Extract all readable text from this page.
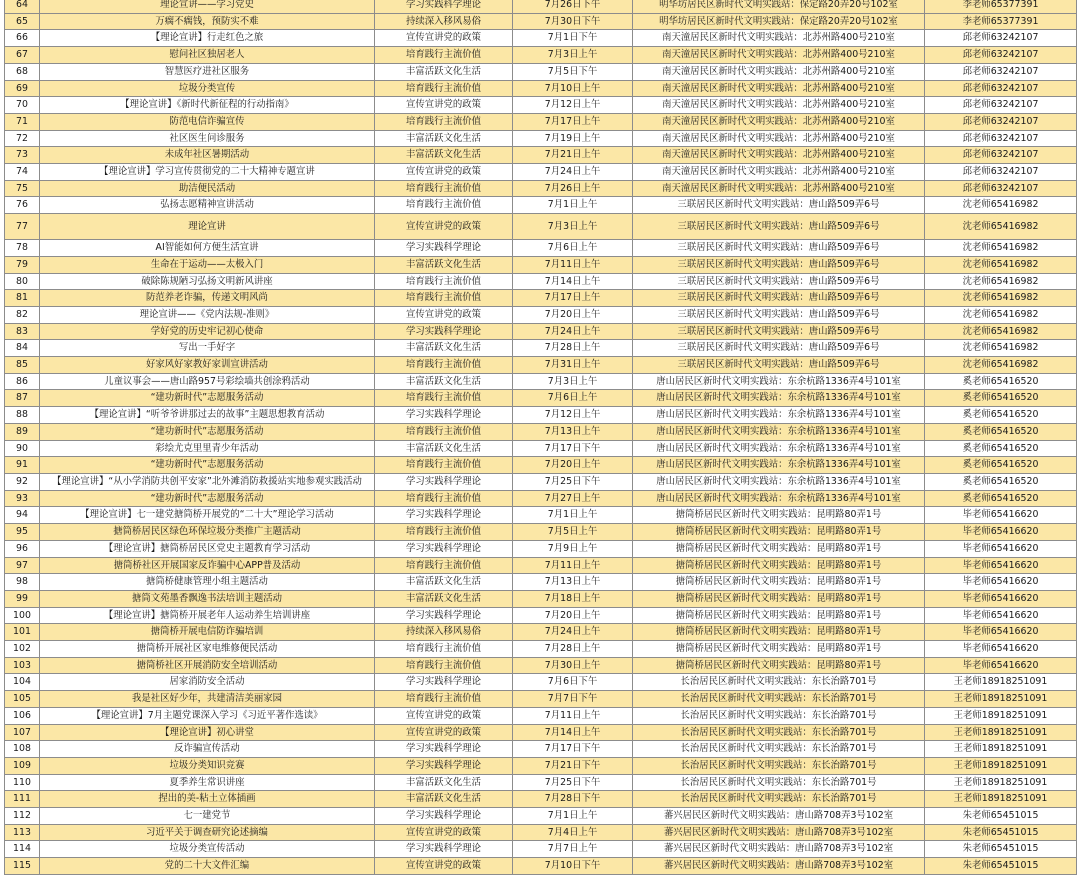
64	理论宣讲——学习党史	学习实践科学理论	7月26日下午	明华坊居民区新时代文明实践站：保定路20弄20号102室	李老师65377391
65	万瘸不瘸钱，预防实不难	持续深入移风易俗	7月30日下午	明华坊居民区新时代文明实践站：保定路20弄20号102室	李老师65377391
66	【理论宣讲】行走红色之旅	宣传宣讲党的政策	7月1日下午	南天潼居民区新时代文明实践站：北苏州路400号210室	邱老师63242107
67	慰问社区独居老人	培育践行主流价值	7月3日上午	南天潼居民区新时代文明实践站：北苏州路400号210室	邱老师63242107
68	智慧医疗进社区服务	丰富活跃文化生活	7月5日下午	南天潼居民区新时代文明实践站：北苏州路400号210室	邱老师63242107
69	垃圾分类宣传	培育践行主流价值	7月10日上午	南天潼居民区新时代文明实践站：北苏州路400号210室	邱老师63242107
70	【理论宣讲】《新时代新征程的行动指南》	宣传宣讲党的政策	7月12日上午	南天潼居民区新时代文明实践站：北苏州路400号210室	邱老师63242107
71	防范电信诈骗宣传	培育践行主流价值	7月17日上午	南天潼居民区新时代文明实践站：北苏州路400号210室	邱老师63242107
72	社区医生问诊服务	丰富活跃文化生活	7月19日上午	南天潼居民区新时代文明实践站：北苏州路400号210室	邱老师63242107
73	未成年社区暑期活动	丰富活跃文化生活	7月21日上午	南天潼居民区新时代文明实践站：北苏州路400号210室	邱老师63242107
74	【理论宣讲】学习宣传贯彻党的二十大精神专题宣讲	宣传宣讲党的政策	7月24日上午	南天潼居民区新时代文明实践站：北苏州路400号210室	邱老师63242107
75	助洁便民活动	培育践行主流价值	7月26日上午	南天潼居民区新时代文明实践站：北苏州路400号210室	邱老师63242107
76	弘扬志愿精神宣讲活动	培育践行主流价值	7月1日上午	三联居民区新时代文明实践站：唐山路509弄6号	沈老师65416982
77	理论宣讲	宣传宣讲党的政策	7月3日上午	三联居民区新时代文明实践站：唐山路509弄6号	沈老师65416982
78	AI智能如何方便生活宣讲	学习实践科学理论	7月6日上午	三联居民区新时代文明实践站：唐山路509弄6号	沈老师65416982
79	生命在于运动——太极入门	丰富活跃文化生活	7月11日上午	三联居民区新时代文明实践站：唐山路509弄6号	沈老师65416982
80	破除陈规陋习弘扬文明新风讲座	培育践行主流价值	7月14日上午	三联居民区新时代文明实践站：唐山路509弄6号	沈老师65416982
81	防范养老诈骗，传递文明风尚	培育践行主流价值	7月17日上午	三联居民区新时代文明实践站：唐山路509弄6号	沈老师65416982
82	理论宣讲——《党内法规-准则》	宣传宣讲党的政策	7月20日上午	三联居民区新时代文明实践站：唐山路509弄6号	沈老师65416982
83	学好党的历史牢记初心使命	学习实践科学理论	7月24日上午	三联居民区新时代文明实践站：唐山路509弄6号	沈老师65416982
84	写出一手好字	丰富活跃文化生活	7月28日上午	三联居民区新时代文明实践站：唐山路509弄6号	沈老师65416982
85	好家风好家教好家训宣讲活动	培育践行主流价值	7月31日上午	三联居民区新时代文明实践站：唐山路509弄6号	沈老师65416982
86	儿童议事会——唐山路957号彩绘墙共创涂鸦活动	丰富活跃文化生活	7月3日上午	唐山居民区新时代文明实践站：东余杭路1336弄4号101室	奚老师65416520
87	“建功新时代”志愿服务活动	培育践行主流价值	7月6日上午	唐山居民区新时代文明实践站：东余杭路1336弄4号101室	奚老师65416520
88	【理论宣讲】“听爷爷讲那过去的故事”主题思想教育活动	学习实践科学理论	7月12日上午	唐山居民区新时代文明实践站：东余杭路1336弄4号101室	奚老师65416520
89	“建功新时代”志愿服务活动	培育践行主流价值	7月13日上午	唐山居民区新时代文明实践站：东余杭路1336弄4号101室	奚老师65416520
90	彩绘尤克里里青少年活动	丰富活跃文化生活	7月17日下午	唐山居民区新时代文明实践站：东余杭路1336弄4号101室	奚老师65416520
91	“建功新时代”志愿服务活动	培育践行主流价值	7月20日上午	唐山居民区新时代文明实践站：东余杭路1336弄4号101室	奚老师65416520
92	【理论宣讲】“从小学消防共创平安家”北外滩消防救援站实地参观实践活动	学习实践科学理论	7月25日下午	唐山居民区新时代文明实践站：东余杭路1336弄4号101室	奚老师65416520
93	“建功新时代”志愿服务活动	培育践行主流价值	7月27日上午	唐山居民区新时代文明实践站：东余杭路1336弄4号101室	奚老师65416520
94	【理论宣讲】七一建党搪筒桥开展党的“二十大”理论学习活动	学习实践科学理论	7月1日上午	搪筒桥居民区新时代文明实践站：昆明路80弄1号	毕老师65416620
95	搪筒桥居民区绿色环保垃圾分类推广主题活动	培育践行主流价值	7月5日上午	搪筒桥居民区新时代文明实践站：昆明路80弄1号	毕老师65416620
96	【理论宣讲】搪筒桥居民区党史主题教育学习活动	学习实践科学理论	7月9日上午	搪筒桥居民区新时代文明实践站：昆明路80弄1号	毕老师65416620
97	搪筒桥社区开展国家反诈骗中心APP普及活动	培育践行主流价值	7月11日上午	搪筒桥居民区新时代文明实践站：昆明路80弄1号	毕老师65416620
98	搪筒桥健康管理小组主题活动	丰富活跃文化生活	7月13日上午	搪筒桥居民区新时代文明实践站：昆明路80弄1号	毕老师65416620
99	搪筒文苑墨香飘逸书法培训主题活动	丰富活跃文化生活	7月18日上午	搪筒桥居民区新时代文明实践站：昆明路80弄1号	毕老师65416620
100	【理论宣讲】搪筒桥开展老年人运动养生培训讲座	学习实践科学理论	7月20日上午	搪筒桥居民区新时代文明实践站：昆明路80弄1号	毕老师65416620
101	搪筒桥开展电信防诈骗培训	持续深入移风易俗	7月24日上午	搪筒桥居民区新时代文明实践站：昆明路80弄1号	毕老师65416620
102	搪筒桥开展社区家电维修便民活动	培育践行主流价值	7月28日上午	搪筒桥居民区新时代文明实践站：昆明路80弄1号	毕老师65416620
103	搪筒桥社区开展消防安全培训活动	培育践行主流价值	7月30日上午	搪筒桥居民区新时代文明实践站：昆明路80弄1号	毕老师65416620
104	居家消防安全活动	学习实践科学理论	7月6日下午	长治居民区新时代文明实践站：东长治路701号	王老师18918251091
105	我是社区好少年，共建清洁美丽家园	培育践行主流价值	7月7日下午	长治居民区新时代文明实践站：东长治路701号	王老师18918251091
106	【理论宣讲】7月主题党课深入学习《习近平著作选读》	宣传宣讲党的政策	7月11日上午	长治居民区新时代文明实践站：东长治路701号	王老师18918251091
107	【理论宣讲】初心讲堂	宣传宣讲党的政策	7月14日上午	长治居民区新时代文明实践站：东长治路701号	王老师18918251091
108	反诈骗宣传活动	学习实践科学理论	7月17日下午	长治居民区新时代文明实践站：东长治路701号	王老师18918251091
109	垃圾分类知识竞赛	学习实践科学理论	7月21日下午	长治居民区新时代文明实践站：东长治路701号	王老师18918251091
110	夏季养生常识讲座	丰富活跃文化生活	7月25日下午	长治居民区新时代文明实践站：东长治路701号	王老师18918251091
111	捏出的美-粘土立体插画	丰富活跃文化生活	7月28日下午	长治居民区新时代文明实践站：东长治路701号	王老师18918251091
112	七一建党节	学习实践科学理论	7月1日上午	蕃兴居民区新时代文明实践站：唐山路708弄3号102室	朱老师65451015
113	习近平关于调查研究论述摘编	宣传宣讲党的政策	7月4日上午	蕃兴居民区新时代文明实践站：唐山路708弄3号102室	朱老师65451015
114	垃圾分类宣传活动	学习实践科学理论	7月7日上午	蕃兴居民区新时代文明实践站：唐山路708弄3号102室	朱老师65451015
115	党的二十大文件汇编	宣传宣讲党的政策	7月10日下午	蕃兴居民区新时代文明实践站：唐山路708弄3号102室	朱老师65451015
